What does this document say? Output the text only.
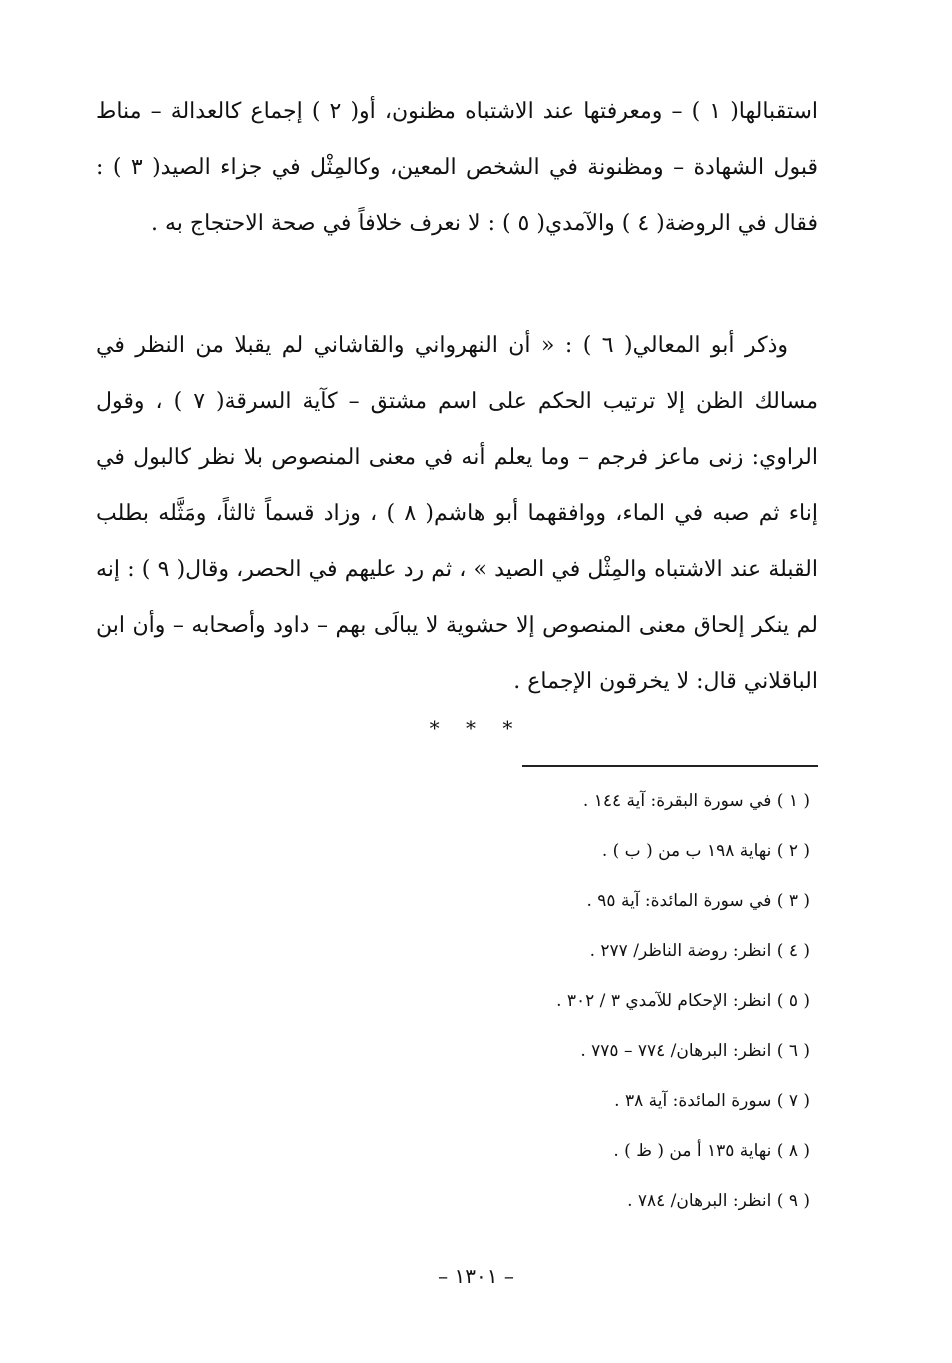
استقبالها( ١ ) – ومعرفتها عند الاشتباه مظنون، أو( ٢ ) إجماع كالعدالة – مناط قبول الشهادة – ومظنونة في الشخص المعين، وكالمِثْل في جزاء الصيد( ٣ ) : فقال في الروضة( ٤ ) والآمدي( ٥ ) : لا نعرف خلافاً في صحة الاحتجاج به .

وذكر أبو المعالي( ٦ ) : « أن النهرواني والقاشاني لم يقبلا من النظر في مسالك الظن إلا ترتيب الحكم على اسم مشتق – كآية السرقة( ٧ ) ، وقول الراوي: زنى ماعز فرجم – وما يعلم أنه في معنى المنصوص بلا نظر كالبول في إناء ثم صبه في الماء، ووافقهما أبو هاشم( ٨ ) ، وزاد قسماً ثالثاً، ومَثَّله بطلب القبلة عند الاشتباه والمِثْل في الصيد » ، ثم رد عليهم في الحصر، وقال( ٩ ) : إنه لم ينكر إلحاق معنى المنصوص إلا حشوية لا يبالَى بهم – داود وأصحابه – وأن ابن الباقلاني قال: لا يخرقون الإجماع .

* * *
( ١ ) في سورة البقرة: آية ١٤٤ .
( ٢ ) نهاية ١٩٨ ب من ( ب ) .
( ٣ ) في سورة المائدة: آية ٩٥ .
( ٤ ) انظر: روضة الناظر/ ٢٧٧ .
( ٥ ) انظر: الإحكام للآمدي ٣ / ٣٠٢ .
( ٦ ) انظر: البرهان/ ٧٧٤ – ٧٧٥ .
( ٧ ) سورة المائدة: آية ٣٨ .
( ٨ ) نهاية ١٣٥ أ من ( ظ ) .
( ٩ ) انظر: البرهان/ ٧٨٤ .
– ١٣٠١ –
